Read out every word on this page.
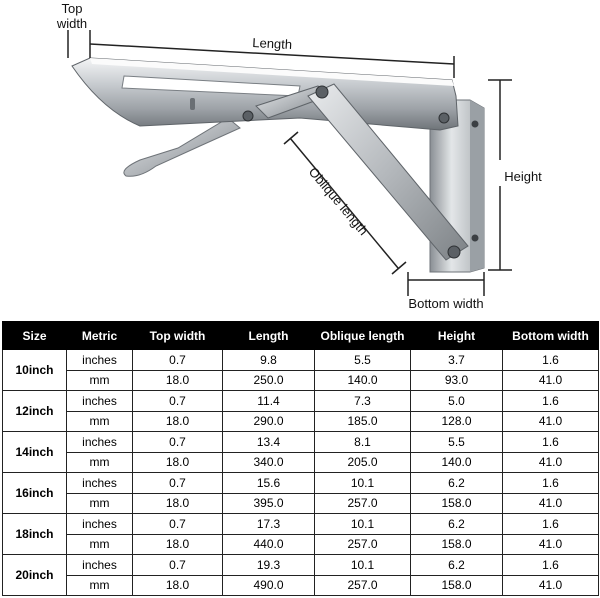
Top
width
Length
Oblique length	Height
Bottom width
Size	Metric	Top width	Length	Oblique length	Height	Bottom width
10inch	inches	0.7	9.8	5.5	3.7	1.6
	mm	18.0	250.0	140.0	93.0	41.0
12inch	inches	0.7	11.4	7.3	5.0	1.6
	mm	18.0	290.0	185.0	128.0	41.0
14inch	inches	0.7	13.4	8.1	5.5	1.6
	mm	18.0	340.0	205.0	140.0	41.0
16inch	inches	0.7	15.6	10.1	6.2	1.6
	mm	18.0	395.0	257.0	158.0	41.0
18inch	inches	0.7	17.3	10.1	6.2	1.6
	mm	18.0	440.0	257.0	158.0	41.0
20inch	inches	0.7	19.3	10.1	6.2	1.6
	mm	18.0	490.0	257.0	158.0	41.0
